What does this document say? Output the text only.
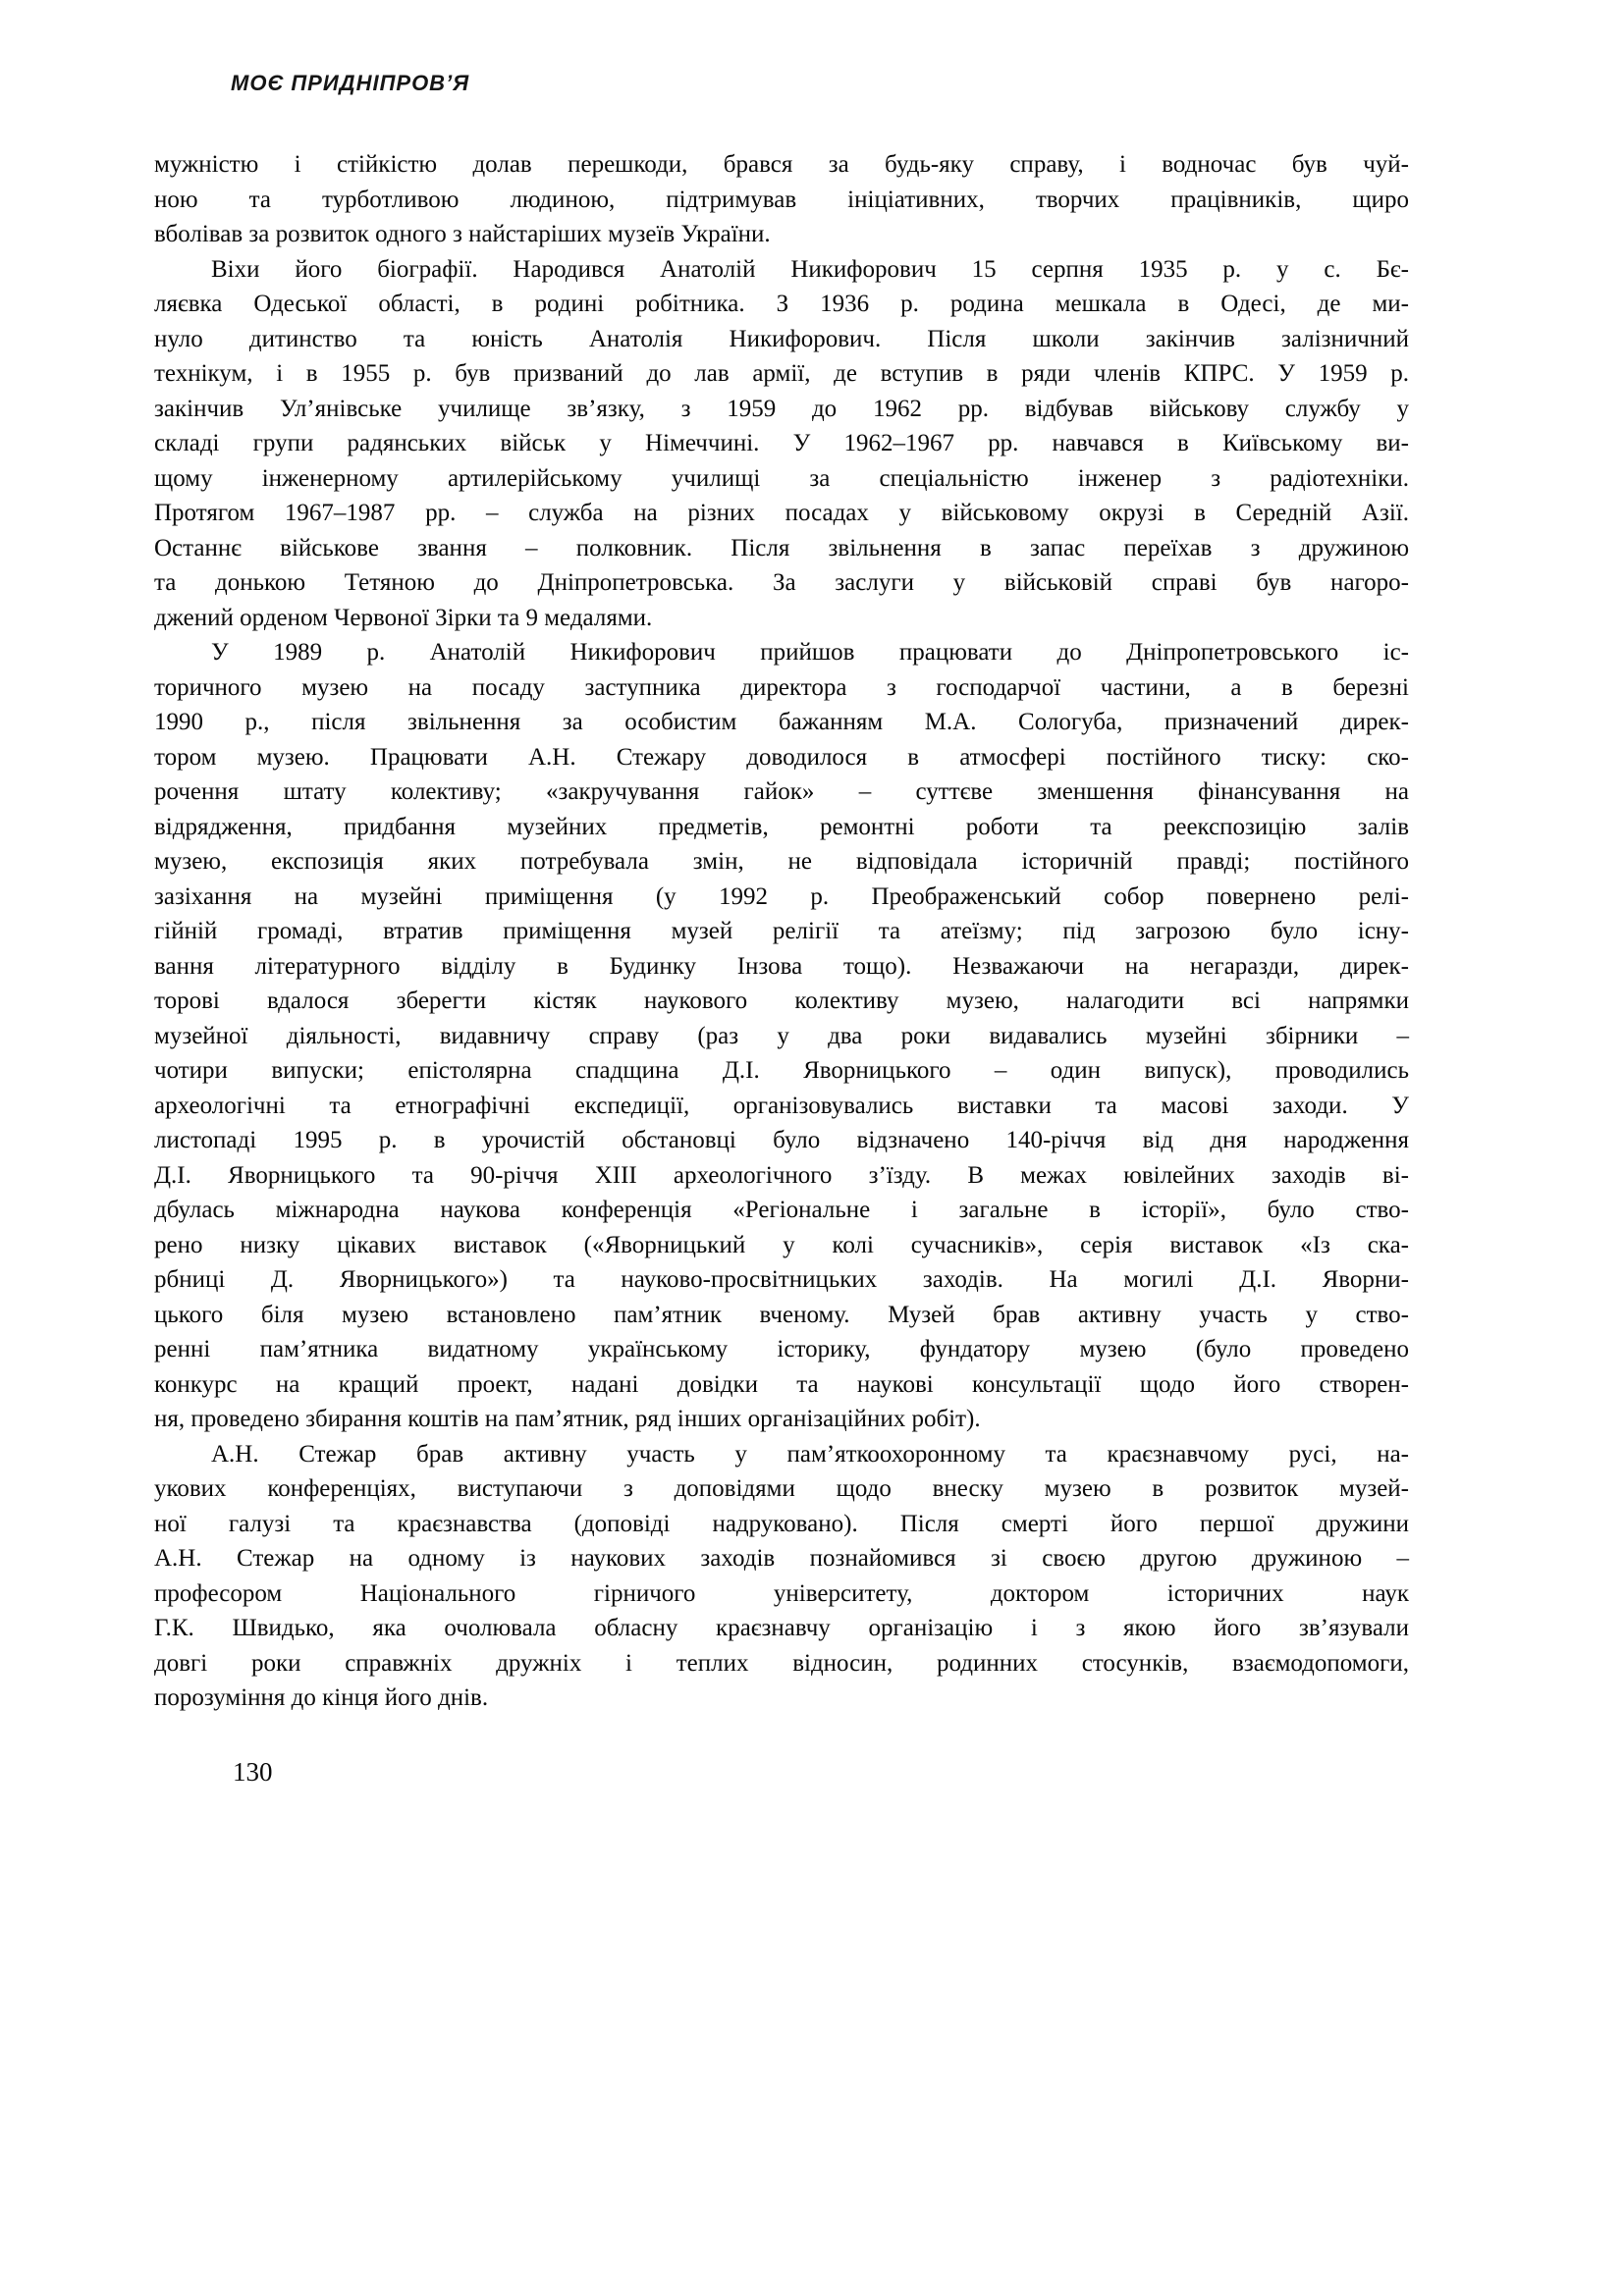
МОЄ ПРИДНІПРОВ’Я
мужністю і стійкістю долав перешкоди, брався за будь-яку справу, і водночас був чуй-
ною та турботливою людиною, підтримував ініціативних, творчих працівників, щиро
вболівав за розвиток одного з найстаріших музеїв України.
Віхи його біографії. Народився Анатолій Никифорович 15 серпня 1935 р. у с. Бє-
ляєвка Одеської області, в родині робітника. З 1936 р. родина мешкала в Одесі, де ми-
нуло дитинство та юність Анатолія Никифорович. Після школи закінчив залізничний
технікум, і в 1955 р. був призваний до лав армії, де вступив в ряди членів КПРС. У 1959 р.
закінчив Ул’янівське училище зв’язку, з 1959 до 1962 рр. відбував військову службу у
складі групи радянських військ у Німеччині. У 1962–1967 рр. навчався в Київському ви-
щому інженерному артилерійському училищі за спеціальністю інженер з радіотехніки.
Протягом 1967–1987 рр. – служба на різних посадах у військовому окрузі в Середній Азії.
Останнє військове звання – полковник. Після звільнення в запас переїхав з дружиною
та донькою Тетяною до Дніпропетровська. За заслуги у військовій справі був нагоро-
джений орденом Червоної Зірки та 9 медалями.
У 1989 р. Анатолій Никифорович прийшов працювати до Дніпропетровського іс-
торичного музею на посаду заступника директора з господарчої частини, а в березні
1990 р., після звільнення за особистим бажанням М.А. Сологуба, призначений дирек-
тором музею. Працювати А.Н. Стежару доводилося в атмосфері постійного тиску: ско-
рочення штату колективу; «закручування гайок» – суттєве зменшення фінансування на
відрядження, придбання музейних предметів, ремонтні роботи та реекспозицію залів
музею, експозиція яких потребувала змін, не відповідала історичній правді; постійного
зазіхання на музейні приміщення (у 1992 р. Преображенський собор повернено релі-
гійній громаді, втратив приміщення музей релігії та атеїзму; під загрозою було існу-
вання літературного відділу в Будинку Інзова тощо). Незважаючи на негаразди, дирек-
торові вдалося зберегти кістяк наукового колективу музею, налагодити всі напрямки
музейної діяльності, видавничу справу (раз у два роки видавались музейні збірники –
чотири випуски; епістолярна спадщина Д.І. Яворницького – один випуск), проводились
археологічні та етнографічні експедиції, організовувались виставки та масові заходи. У
листопаді 1995 р. в урочистій обстановці було відзначено 140-річчя від дня народження
Д.І. Яворницького та 90-річчя XIII археологічного з’їзду. В межах ювілейних заходів ві-
дбулась міжнародна наукова конференція «Регіональне і загальне в історії», було ство-
рено низку цікавих виставок («Яворницький у колі сучасників», серія виставок «Із ска-
рбниці Д. Яворницького») та науково-просвітницьких заходів. На могилі Д.І. Яворни-
цького біля музею встановлено пам’ятник вченому. Музей брав активну участь у ство-
ренні пам’ятника видатному українському історику, фундатору музею (було проведено
конкурс на кращий проект, надані довідки та наукові консультації щодо його створен-
ня, проведено збирання коштів на пам’ятник, ряд інших організаційних робіт).
А.Н. Стежар брав активну участь у пам’яткоохоронному та краєзнавчому русі, на-
укових конференціях, виступаючи з доповідями щодо внеску музею в розвиток музей-
ної галузі та краєзнавства (доповіді надруковано). Після смерті його першої дружини
А.Н. Стежар на одному із наукових заходів познайомився зі своєю другою дружиною –
професором Національного гірничого університету, доктором історичних наук
Г.К. Швидько, яка очолювала обласну краєзнавчу організацію і з якою його зв’язували
довгі роки справжніх дружніх і теплих відносин, родинних стосунків, взаємодопомоги,
порозуміння до кінця його днів.
130
